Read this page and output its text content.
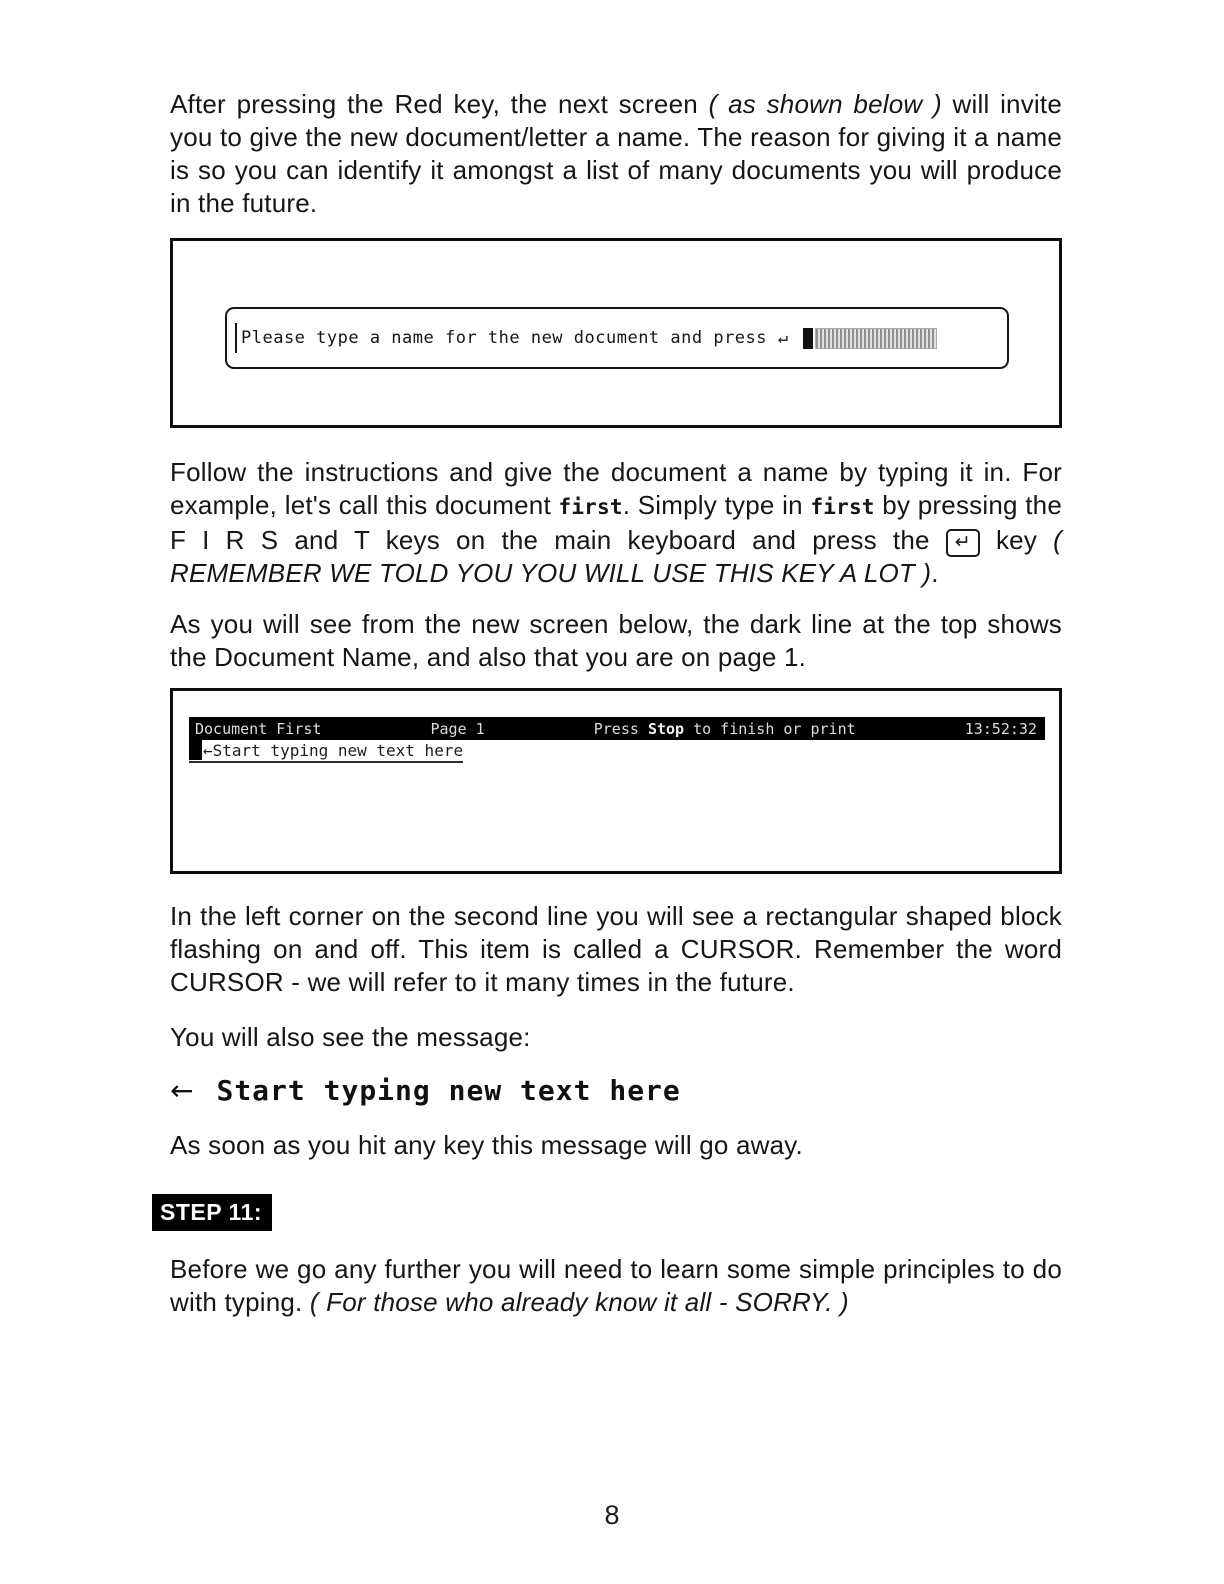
After pressing the Red key, the next screen ( as shown below ) will invite you to give the new document/letter a name. The reason for giving it a name is so you can identify it amongst a list of many documents you will produce in the future.

Please type a name for the new document and press
↵

Follow the instructions and give the document a name by typing it in. For example, let's call this document first. Simply type in first by pressing the F I R S and T keys on the main keyboard and press the ↵ key ( REMEMBER WE TOLD YOU YOU WILL USE THIS KEY A LOT ).

As you will see from the new screen below, the dark line at the top shows the Document Name, and also that you are on page 1.

Document First	Page 1	Press Stop to finish or print	13:52:32
←Start typing new text here

In the left corner on the second line you will see a rectangular shaped block flashing on and off. This item is called a CURSOR. Remember the word CURSOR - we will refer to it many times in the future.

You will also see the message:

← Start typing new text here

As soon as you hit any key this message will go away.

STEP 11:

Before we go any further you will need to learn some simple principles to do with typing. ( For those who already know it all - SORRY. )

8
